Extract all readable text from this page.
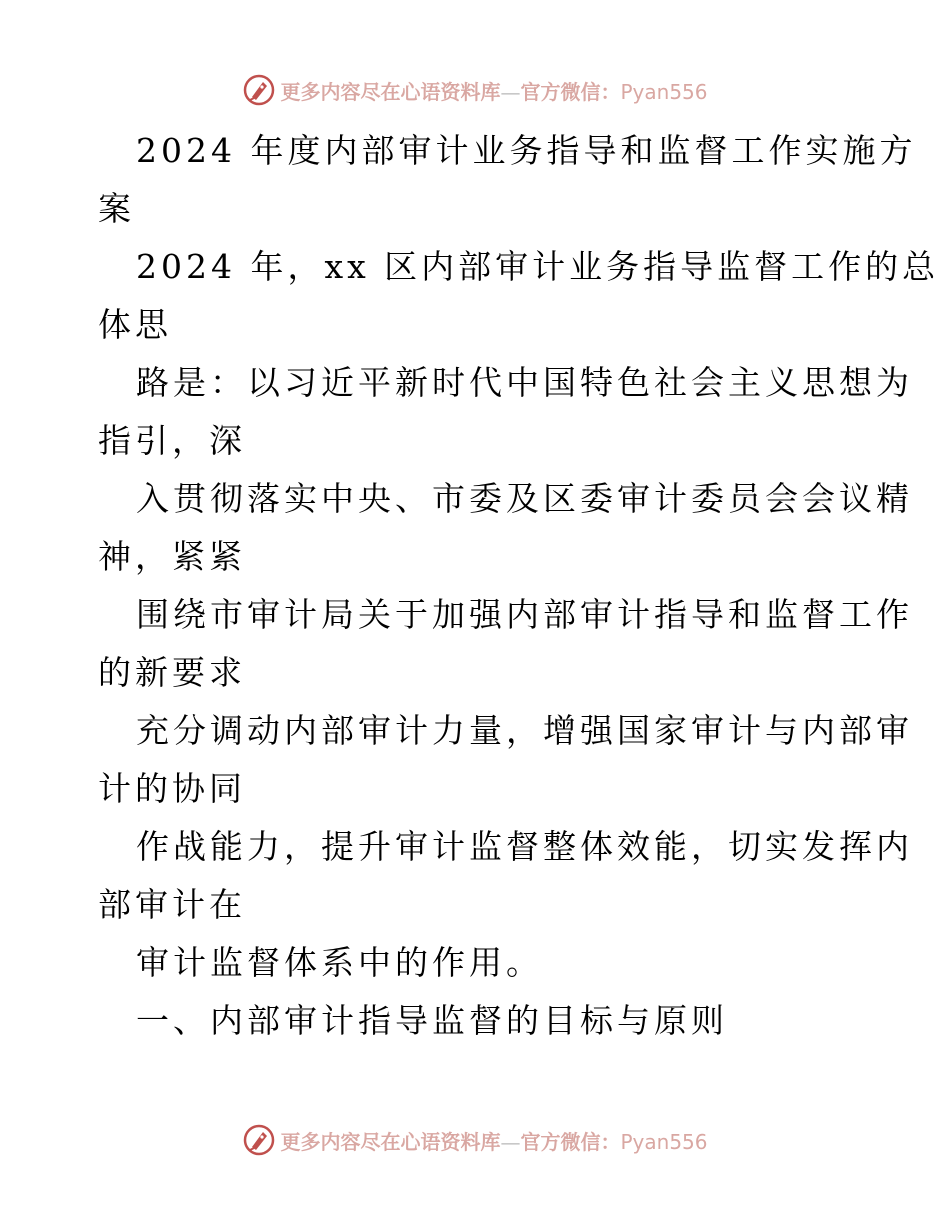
更多内容尽在心语资料库—官方微信：Pyan556
2024 年度内部审计业务指导和监督工作实施方
案
2024 年，xx 区内部审计业务指导监督工作的总
体思
路是：以习近平新时代中国特色社会主义思想为
指引，深
入贯彻落实中央、市委及区委审计委员会会议精
神，紧紧
围绕市审计局关于加强内部审计指导和监督工作
的新要求
充分调动内部审计力量，增强国家审计与内部审
计的协同
作战能力，提升审计监督整体效能，切实发挥内
部审计在
审计监督体系中的作用。
一、内部审计指导监督的目标与原则
更多内容尽在心语资料库—官方微信：Pyan556
